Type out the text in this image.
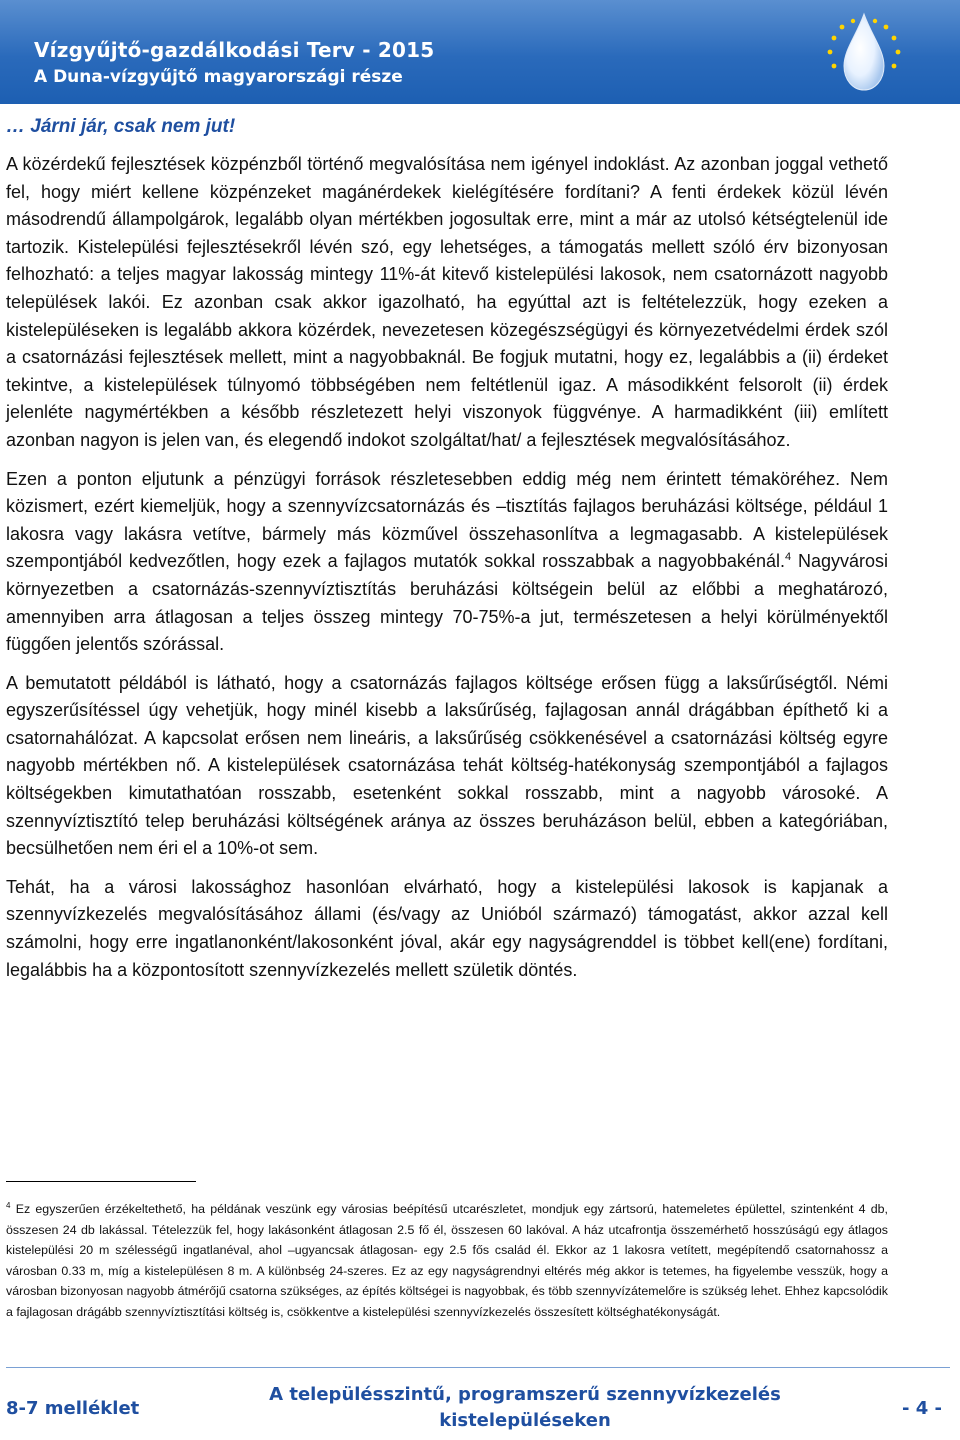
Vízgyűjtő-gazdálkodási Terv - 2015
A Duna-vízgyűjtő magyarországi része
… Járni jár, csak nem jut!

A közérdekű fejlesztések közpénzből történő megvalósítása nem igényel indoklást. Az azonban joggal vethető fel, hogy miért kellene közpénzeket magánérdekek kielégítésére fordítani? A fenti érdekek közül lévén másodrendű állampolgárok, legalább olyan mértékben jogosultak erre, mint a már az utolsó kétségtelenül ide tartozik. Kistelepülési fejlesztésekről lévén szó, egy lehetséges, a támogatás mellett szóló érv bizonyosan felhozható: a teljes magyar lakosság mintegy 11%-át kitevő kistelepülési lakosok, nem csatornázott nagyobb települések lakói. Ez azonban csak akkor igazolható, ha egyúttal azt is feltételezzük, hogy ezeken a kistelepüléseken is legalább akkora közérdek, nevezetesen közegészségügyi és környezetvédelmi érdek szól a csatornázási fejlesztések mellett, mint a nagyobbaknál. Be fogjuk mutatni, hogy ez, legalábbis a (ii) érdeket tekintve, a kistelepülések túlnyomó többségében nem feltétlenül igaz. A másodikként felsorolt (ii) érdek jelenléte nagymértékben a később részletezett helyi viszonyok függvénye. A harmadikként (iii) említett azonban nagyon is jelen van, és elegendő indokot szolgáltat/hat/ a fejlesztések megvalósításához.

Ezen a ponton eljutunk a pénzügyi források részletesebben eddig még nem érintett témaköréhez. Nem közismert, ezért kiemeljük, hogy a szennyvízcsatornázás és –tisztítás fajlagos beruházási költsége, például 1 lakosra vagy lakásra vetítve, bármely más közművel összehasonlítva a legmagasabb. A kistelepülések szempontjából kedvezőtlen, hogy ezek a fajlagos mutatók sokkal rosszabbak a nagyobbakénál.$^4$ Nagyvárosi környezetben a csatornázás-szennyvíztisztítás beruházási költségein belül az előbbi a meghatározó, amennyiben arra átlagosan a teljes összeg mintegy 70-75%-a jut, természetesen a helyi körülményektől függően jelentős szórással.

A bemutatott példából is látható, hogy a csatornázás fajlagos költsége erősen függ a laksűrűségtől. Némi egyszerűsítéssel úgy vehetjük, hogy minél kisebb a laksűrűség, fajlagosan annál drágábban építhető ki a csatornahálózat. A kapcsolat erősen nem lineáris, a laksűrűség csökkenésével a csatornázási költség egyre nagyobb mértékben nő. A kistelepülések csatornázása tehát költség-hatékonyság szempontjából a fajlagos költségekben kimutathatóan rosszabb, esetenként sokkal rosszabb, mint a nagyobb városoké. A szennyvíztisztító telep beruházási költségének aránya az összes beruházáson belül, ebben a kategóriában, becsülhetően nem éri el a 10%-ot sem.

Tehát, ha a városi lakossághoz hasonlóan elvárható, hogy a kistelepülési lakosok is kapjanak a szennyvízkezelés megvalósításához állami (és/vagy az Unióból származó) támogatást, akkor azzal kell számolni, hogy erre ingatlanonként/lakosonként jóval, akár egy nagyságrenddel is többet kell(ene) fordítani, legalábbis ha a központosított szennyvízkezelés mellett születik döntés.

$^4$ Ez egyszerűen érzékeltethető, ha példának veszünk egy városias beépítésű utcarészletet, mondjuk egy zártsorú, hatemeletes épülettel, szintenként 4 db, összesen 24 db lakással. Tételezzük fel, hogy lakásonként átlagosan 2.5 fő él, összesen 60 lakóval. A ház utcafrontja összemérhető hosszúságú egy átlagos kistelepülési 20 m szélességű ingatlanéval, ahol –ugyancsak átlagosan- egy 2.5 fős család él. Ekkor az 1 lakosra vetített, megépítendő csatornahossz a városban 0.33 m, míg a kistelepülésen 8 m. A különbség 24-szeres. Ez az egy nagyságrendnyi eltérés még akkor is tetemes, ha figyelembe vesszük, hogy a városban bizonyosan nagyobb átmérőjű csatorna szükséges, az építés költségei is nagyobbak, és több szennyvízátemelőre is szükség lehet. Ehhez kapcsolódik a fajlagosan drágább szennyvíztisztítási költség is, csökkentve a kistelepülési szennyvízkezelés összesített költséghatékonyságát.
8-7 melléklet
A településszintű, programszerű szennyvízkezelés
kistelepüléseken
- 4 -
